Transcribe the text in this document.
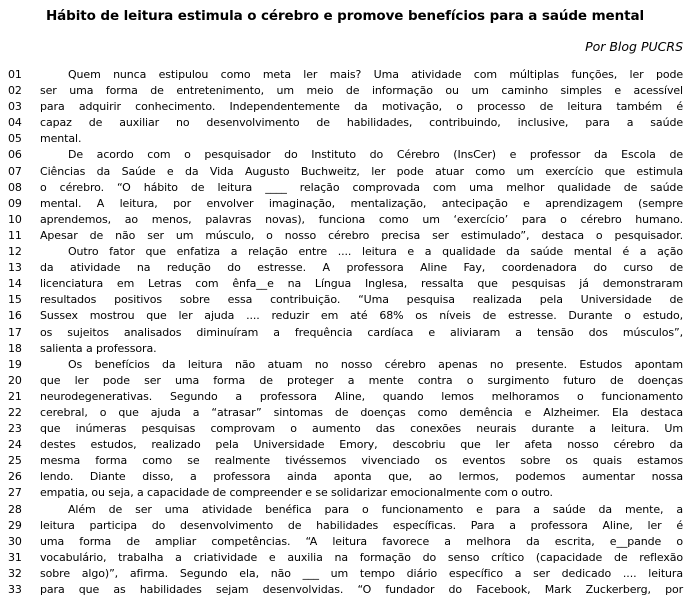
Hábito de leitura estimula o cérebro e promove benefícios para a saúde mental
Por Blog PUCRS
01	Quem nunca estipulou como meta ler mais? Uma atividade com múltiplas funções, ler pode
02 ser uma forma de entretenimento, um meio de informação ou um caminho simples e acessível
03 para adquirir conhecimento. Independentemente da motivação, o processo de leitura também é
04 capaz de auxiliar no desenvolvimento de habilidades, contribuindo, inclusive, para a saúde
05 mental.
06	De acordo com o pesquisador do Instituto do Cérebro (InsCer) e professor da Escola de
07 Ciências da Saúde e da Vida Augusto Buchweitz, ler pode atuar como um exercício que estimula
08 o cérebro. “O hábito de leitura ____ relação comprovada com uma melhor qualidade de saúde
09 mental. A leitura, por envolver imaginação, mentalização, antecipação e aprendizagem (sempre
10 aprendemos, ao menos, palavras novas), funciona como um ‘exercício’ para o cérebro humano.
11 Apesar de não ser um músculo, o nosso cérebro precisa ser estimulado”, destaca o pesquisador.
12	Outro fator que enfatiza a relação entre .... leitura e a qualidade da saúde mental é a ação
13 da atividade na redução do estresse. A professora Aline Fay, coordenadora do curso de
14 licenciatura em Letras com ênfa__e na Língua Inglesa, ressalta que pesquisas já demonstraram
15 resultados positivos sobre essa contribuição. “Uma pesquisa realizada pela Universidade de
16 Sussex mostrou que ler ajuda .... reduzir em até 68% os níveis de estresse. Durante o estudo,
17 os sujeitos analisados diminuíram a frequência cardíaca e aliviaram a tensão dos músculos”,
18 salienta a professora.
19	Os benefícios da leitura não atuam no nosso cérebro apenas no presente. Estudos apontam
20 que ler pode ser uma forma de proteger a mente contra o surgimento futuro de doenças
21 neurodegenerativas. Segundo a professora Aline, quando lemos melhoramos o funcionamento
22 cerebral, o que ajuda a “atrasar” sintomas de doenças como demência e Alzheimer. Ela destaca
23 que inúmeras pesquisas comprovam o aumento das conexões neurais durante a leitura. Um
24 destes estudos, realizado pela Universidade Emory, descobriu que ler afeta nosso cérebro da
25 mesma forma como se realmente tivéssemos vivenciado os eventos sobre os quais estamos
26 lendo. Diante disso, a professora ainda aponta que, ao lermos, podemos aumentar nossa
27 empatia, ou seja, a capacidade de compreender e se solidarizar emocionalmente com o outro.
28	Além de ser uma atividade benéfica para o funcionamento e para a saúde da mente, a
29 leitura participa do desenvolvimento de habilidades específicas. Para a professora Aline, ler é
30 uma forma de ampliar competências. “A leitura favorece a melhora da escrita, e__pande o
31 vocabulário, trabalha a criatividade e auxilia na formação do senso crítico (capacidade de reflexão
32 sobre algo)”, afirma. Segundo ela, não ___ um tempo diário específico a ser dedicado .... leitura
33 para que as habilidades sejam desenvolvidas. “O fundador do Facebook, Mark Zuckerberg, por
